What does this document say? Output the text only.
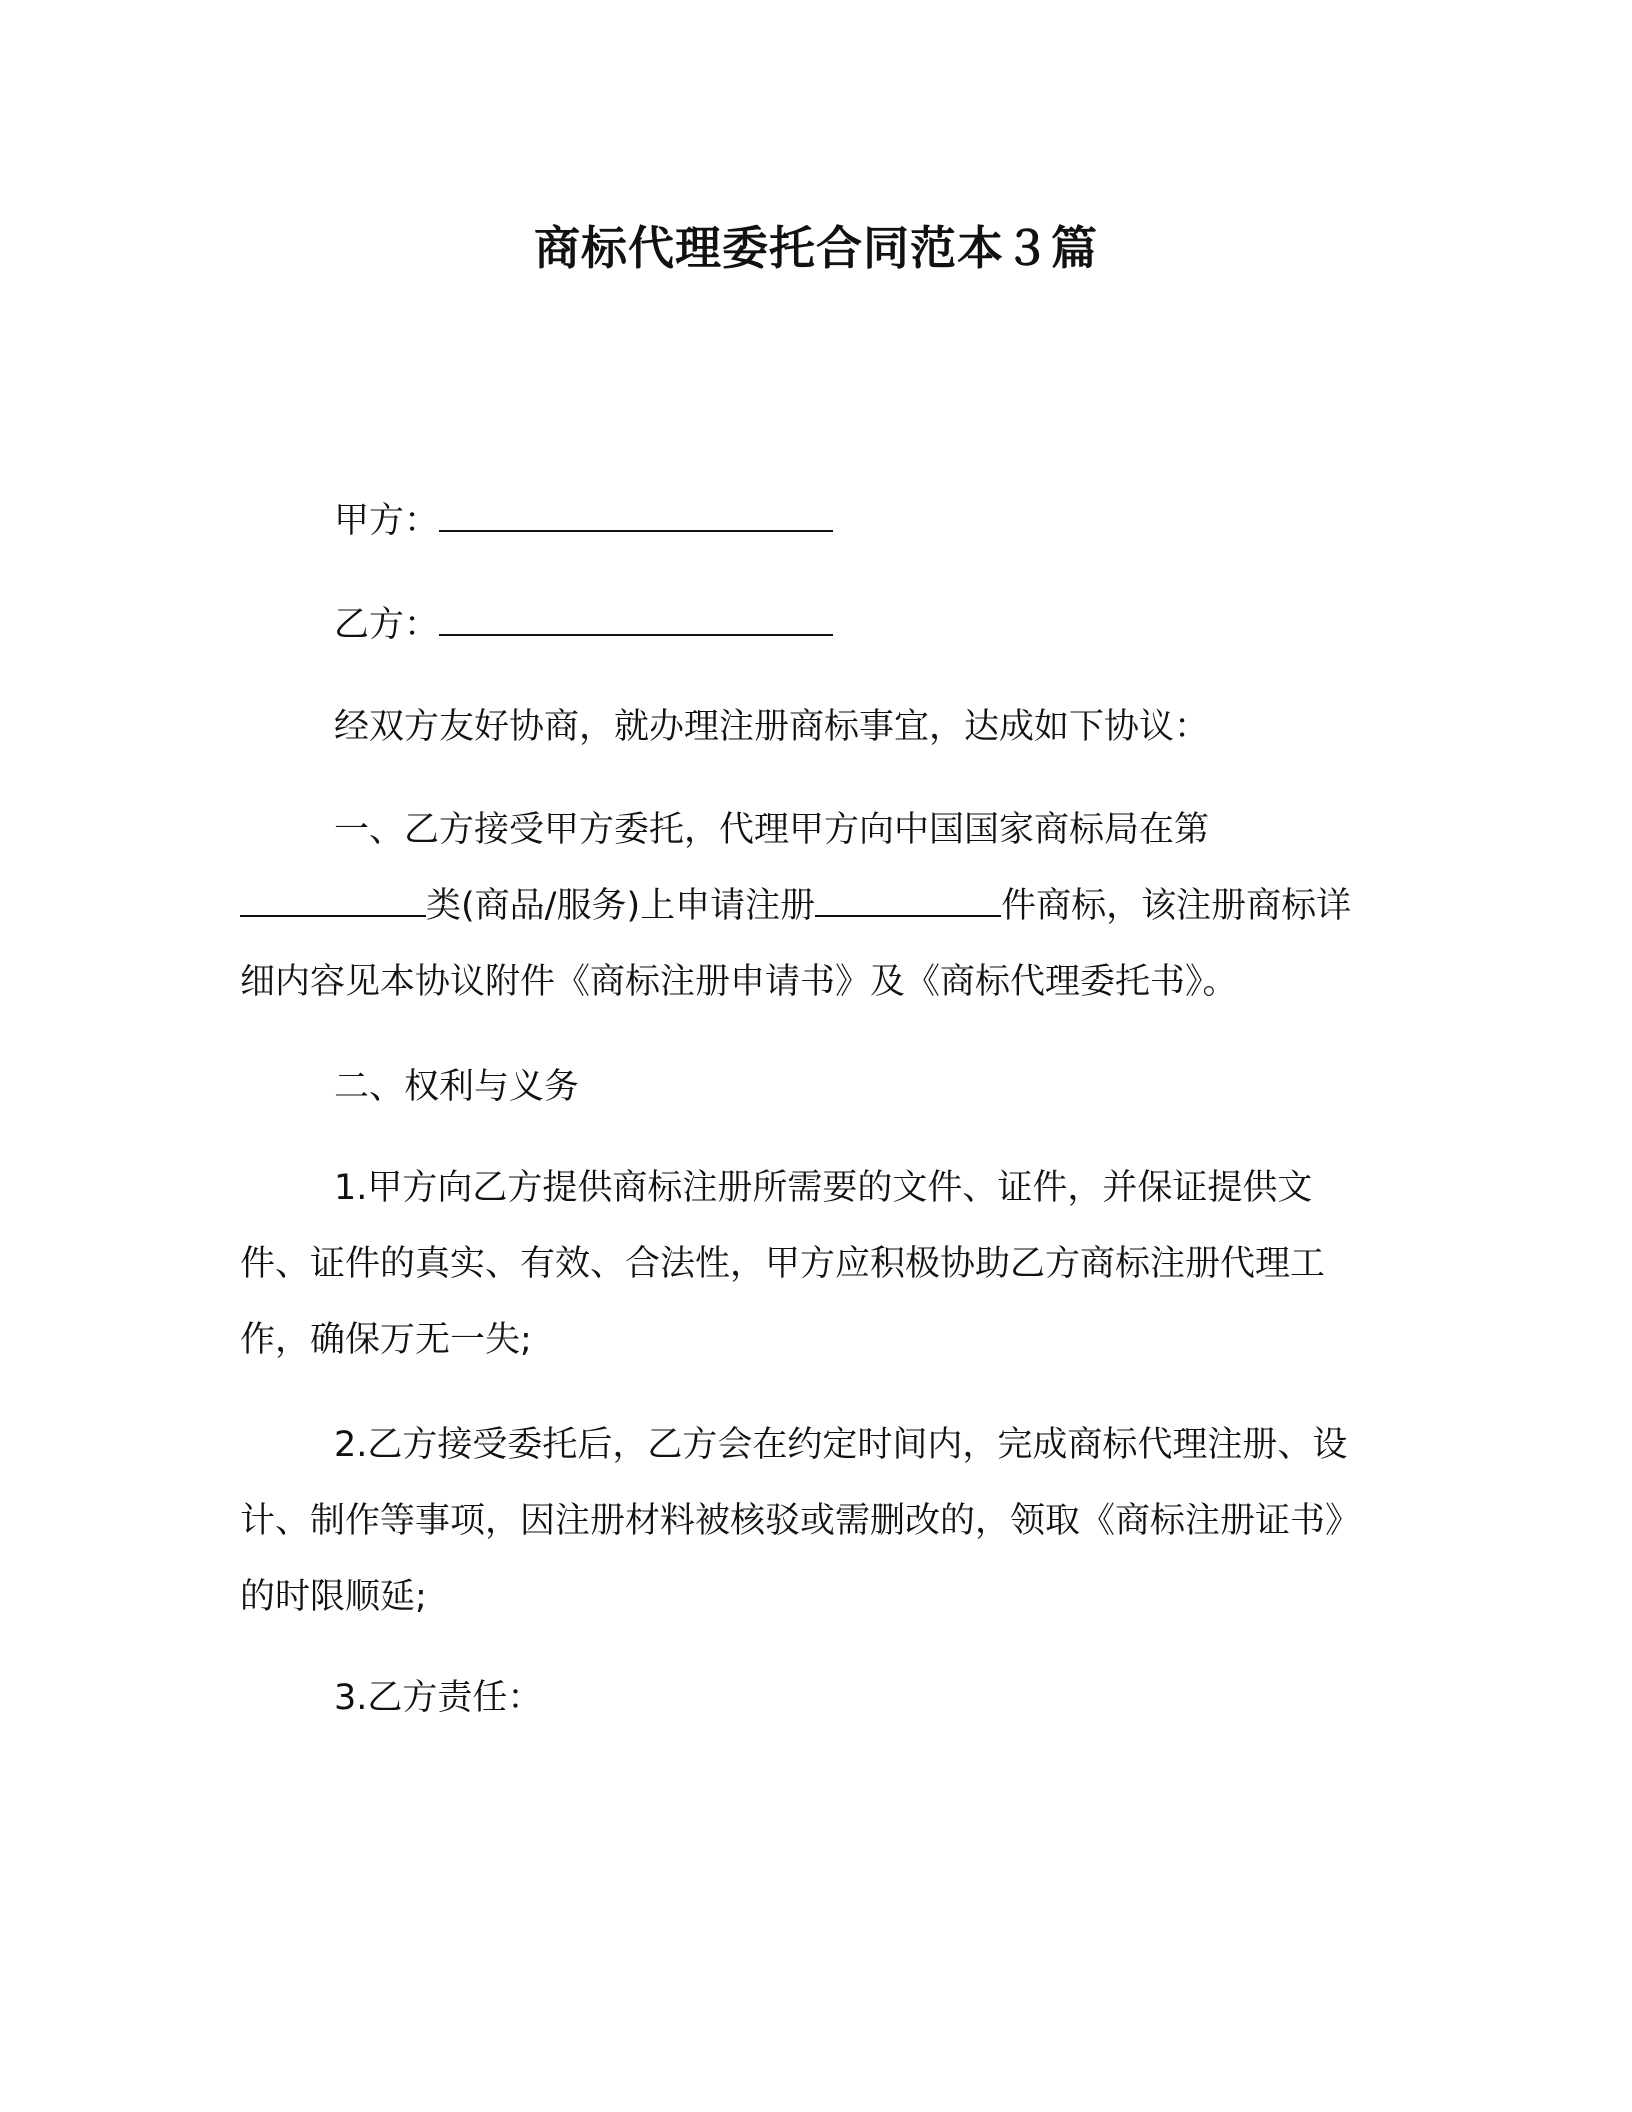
商标代理委托合同范本３篇
甲方：
乙方：
经双方友好协商，就办理注册商标事宜，达成如下协议：

一、乙方接受甲方委托，代理甲方向中国国家商标局在第类(商品/服务)上申请注册	件商标，该注册商标详细内容见本协议附件《商标注册申请书》及《商标代理委托书》。

二、权利与义务

1.甲方向乙方提供商标注册所需要的文件、证件，并保证提供文件、证件的真实、有效、合法性，甲方应积极协助乙方商标注册代理工作，确保万无一失;

2.乙方接受委托后，乙方会在约定时间内，完成商标代理注册、设计、制作等事项，因注册材料被核驳或需删改的，领取《商标注册证书》的时限顺延;

3.乙方责任：
